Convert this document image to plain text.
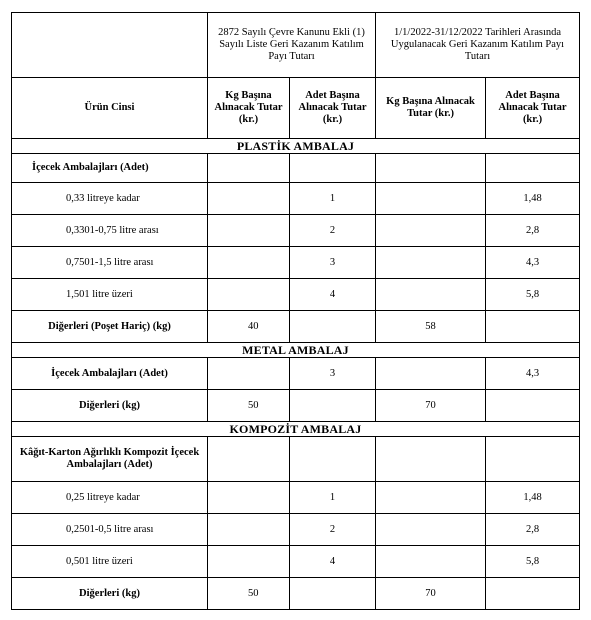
	2872 Sayılı Çevre Kanunu Ekli (1) Sayılı Liste Geri Kazanım Katılım Payı Tutarı		1/1/2022-31/12/2022 Tarihleri Arasında Uygulanacak Geri Kazanım Katılım Payı Tutarı	
Ürün Cinsi	Kg Başına Alınacak Tutar (kr.)	Adet Başına Alınacak Tutar (kr.)	Kg Başına Alınacak Tutar (kr.)	Adet Başına Alınacak Tutar (kr.)
PLASTİK AMBALAJ				
İçecek Ambalajları (Adet)				
0,33 litreye kadar		1		1,48
0,3301-0,75 litre arası		2		2,8
0,7501-1,5 litre arası		3		4,3
1,501 litre üzeri		4		5,8
Diğerleri (Poşet Hariç) (kg)	40		58	
METAL AMBALAJ				
İçecek Ambalajları (Adet)		3		4,3
Diğerleri (kg)	50		70	
KOMPOZİT AMBALAJ				
Kâğıt-Karton Ağırlıklı Kompozit İçecek Ambalajları (Adet)				
0,25 litreye kadar		1		1,48
0,2501-0,5 litre arası		2		2,8
0,501 litre üzeri		4		5,8
Diğerleri (kg)	50		70	
